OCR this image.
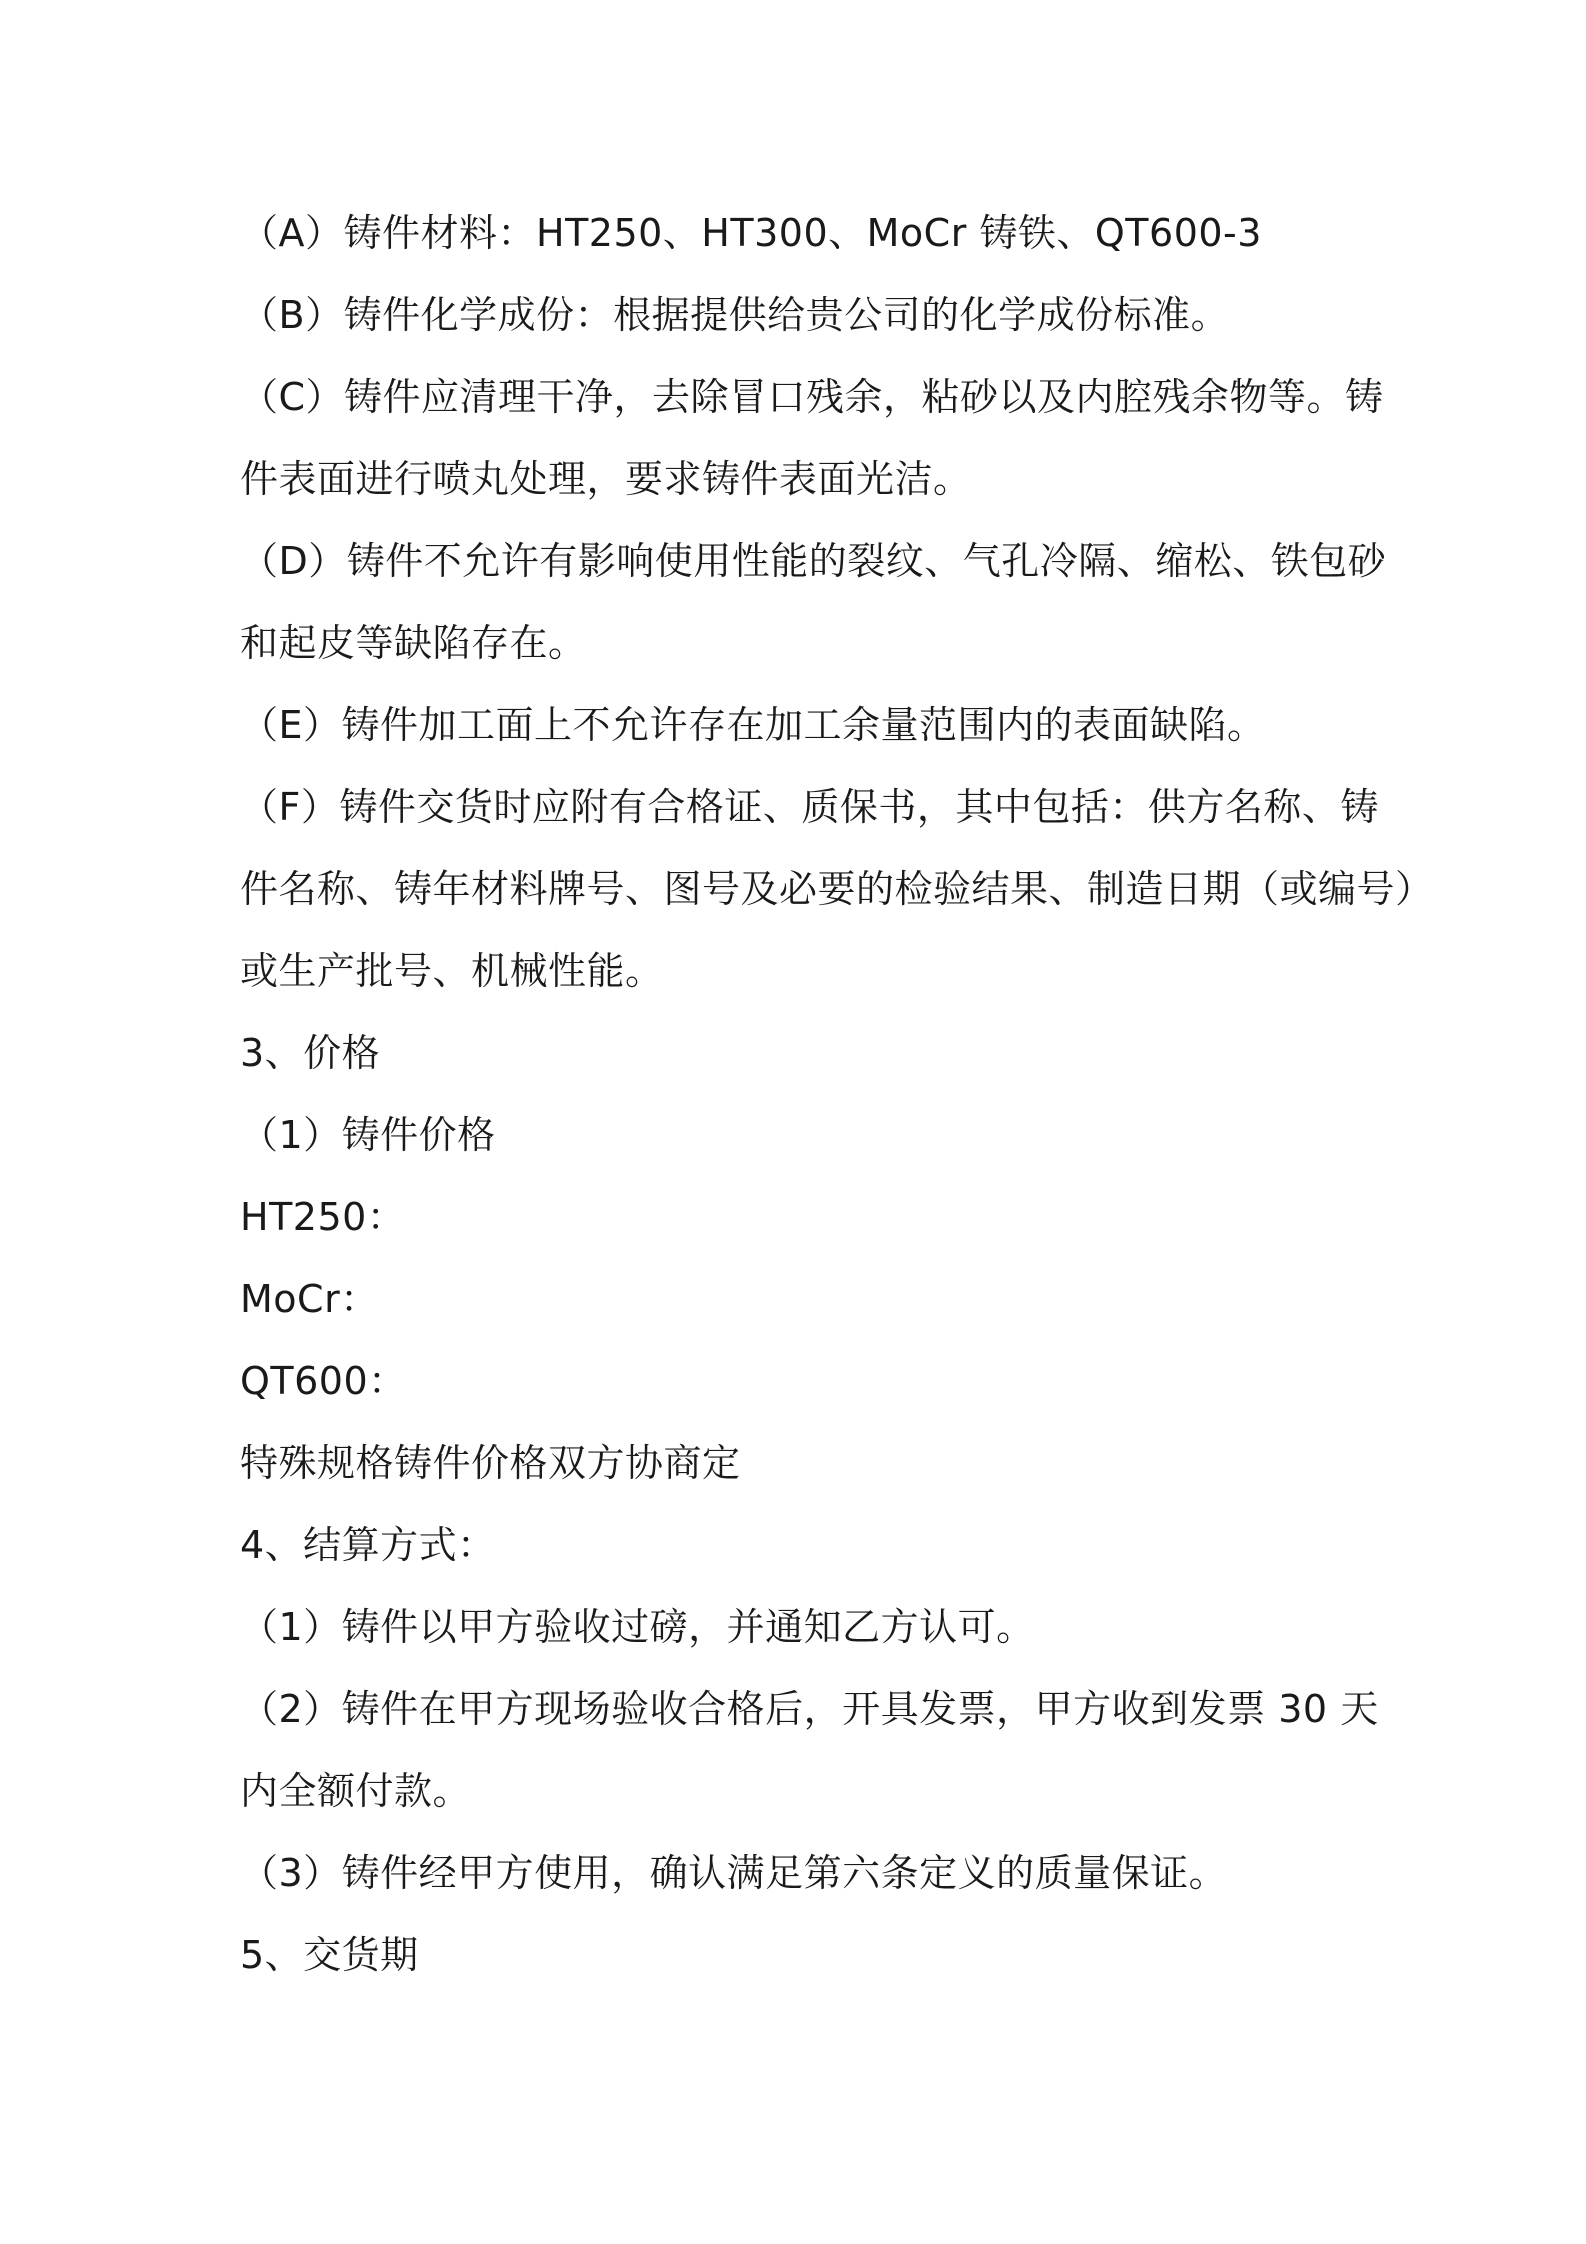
（A）铸件材料：HT250、HT300、MoCr 铸铁、QT600-3
（B）铸件化学成份：根据提供给贵公司的化学成份标准。
（C）铸件应清理干净，去除冒口残余，粘砂以及内腔残余物等。铸
件表面进行喷丸处理，要求铸件表面光洁。
（D）铸件不允许有影响使用性能的裂纹、气孔冷隔、缩松、铁包砂
和起皮等缺陷存在。
（E）铸件加工面上不允许存在加工余量范围内的表面缺陷。
（F）铸件交货时应附有合格证、质保书，其中包括：供方名称、铸
件名称、铸年材料牌号、图号及必要的检验结果、制造日期（或编号）
或生产批号、机械性能。
3、价格
（1）铸件价格
HT250：
MoCr：
QT600：
特殊规格铸件价格双方协商定
4、结算方式：
（1）铸件以甲方验收过磅，并通知乙方认可。
（2）铸件在甲方现场验收合格后，开具发票，甲方收到发票 30 天
内全额付款。
（3）铸件经甲方使用，确认满足第六条定义的质量保证。
5、交货期
